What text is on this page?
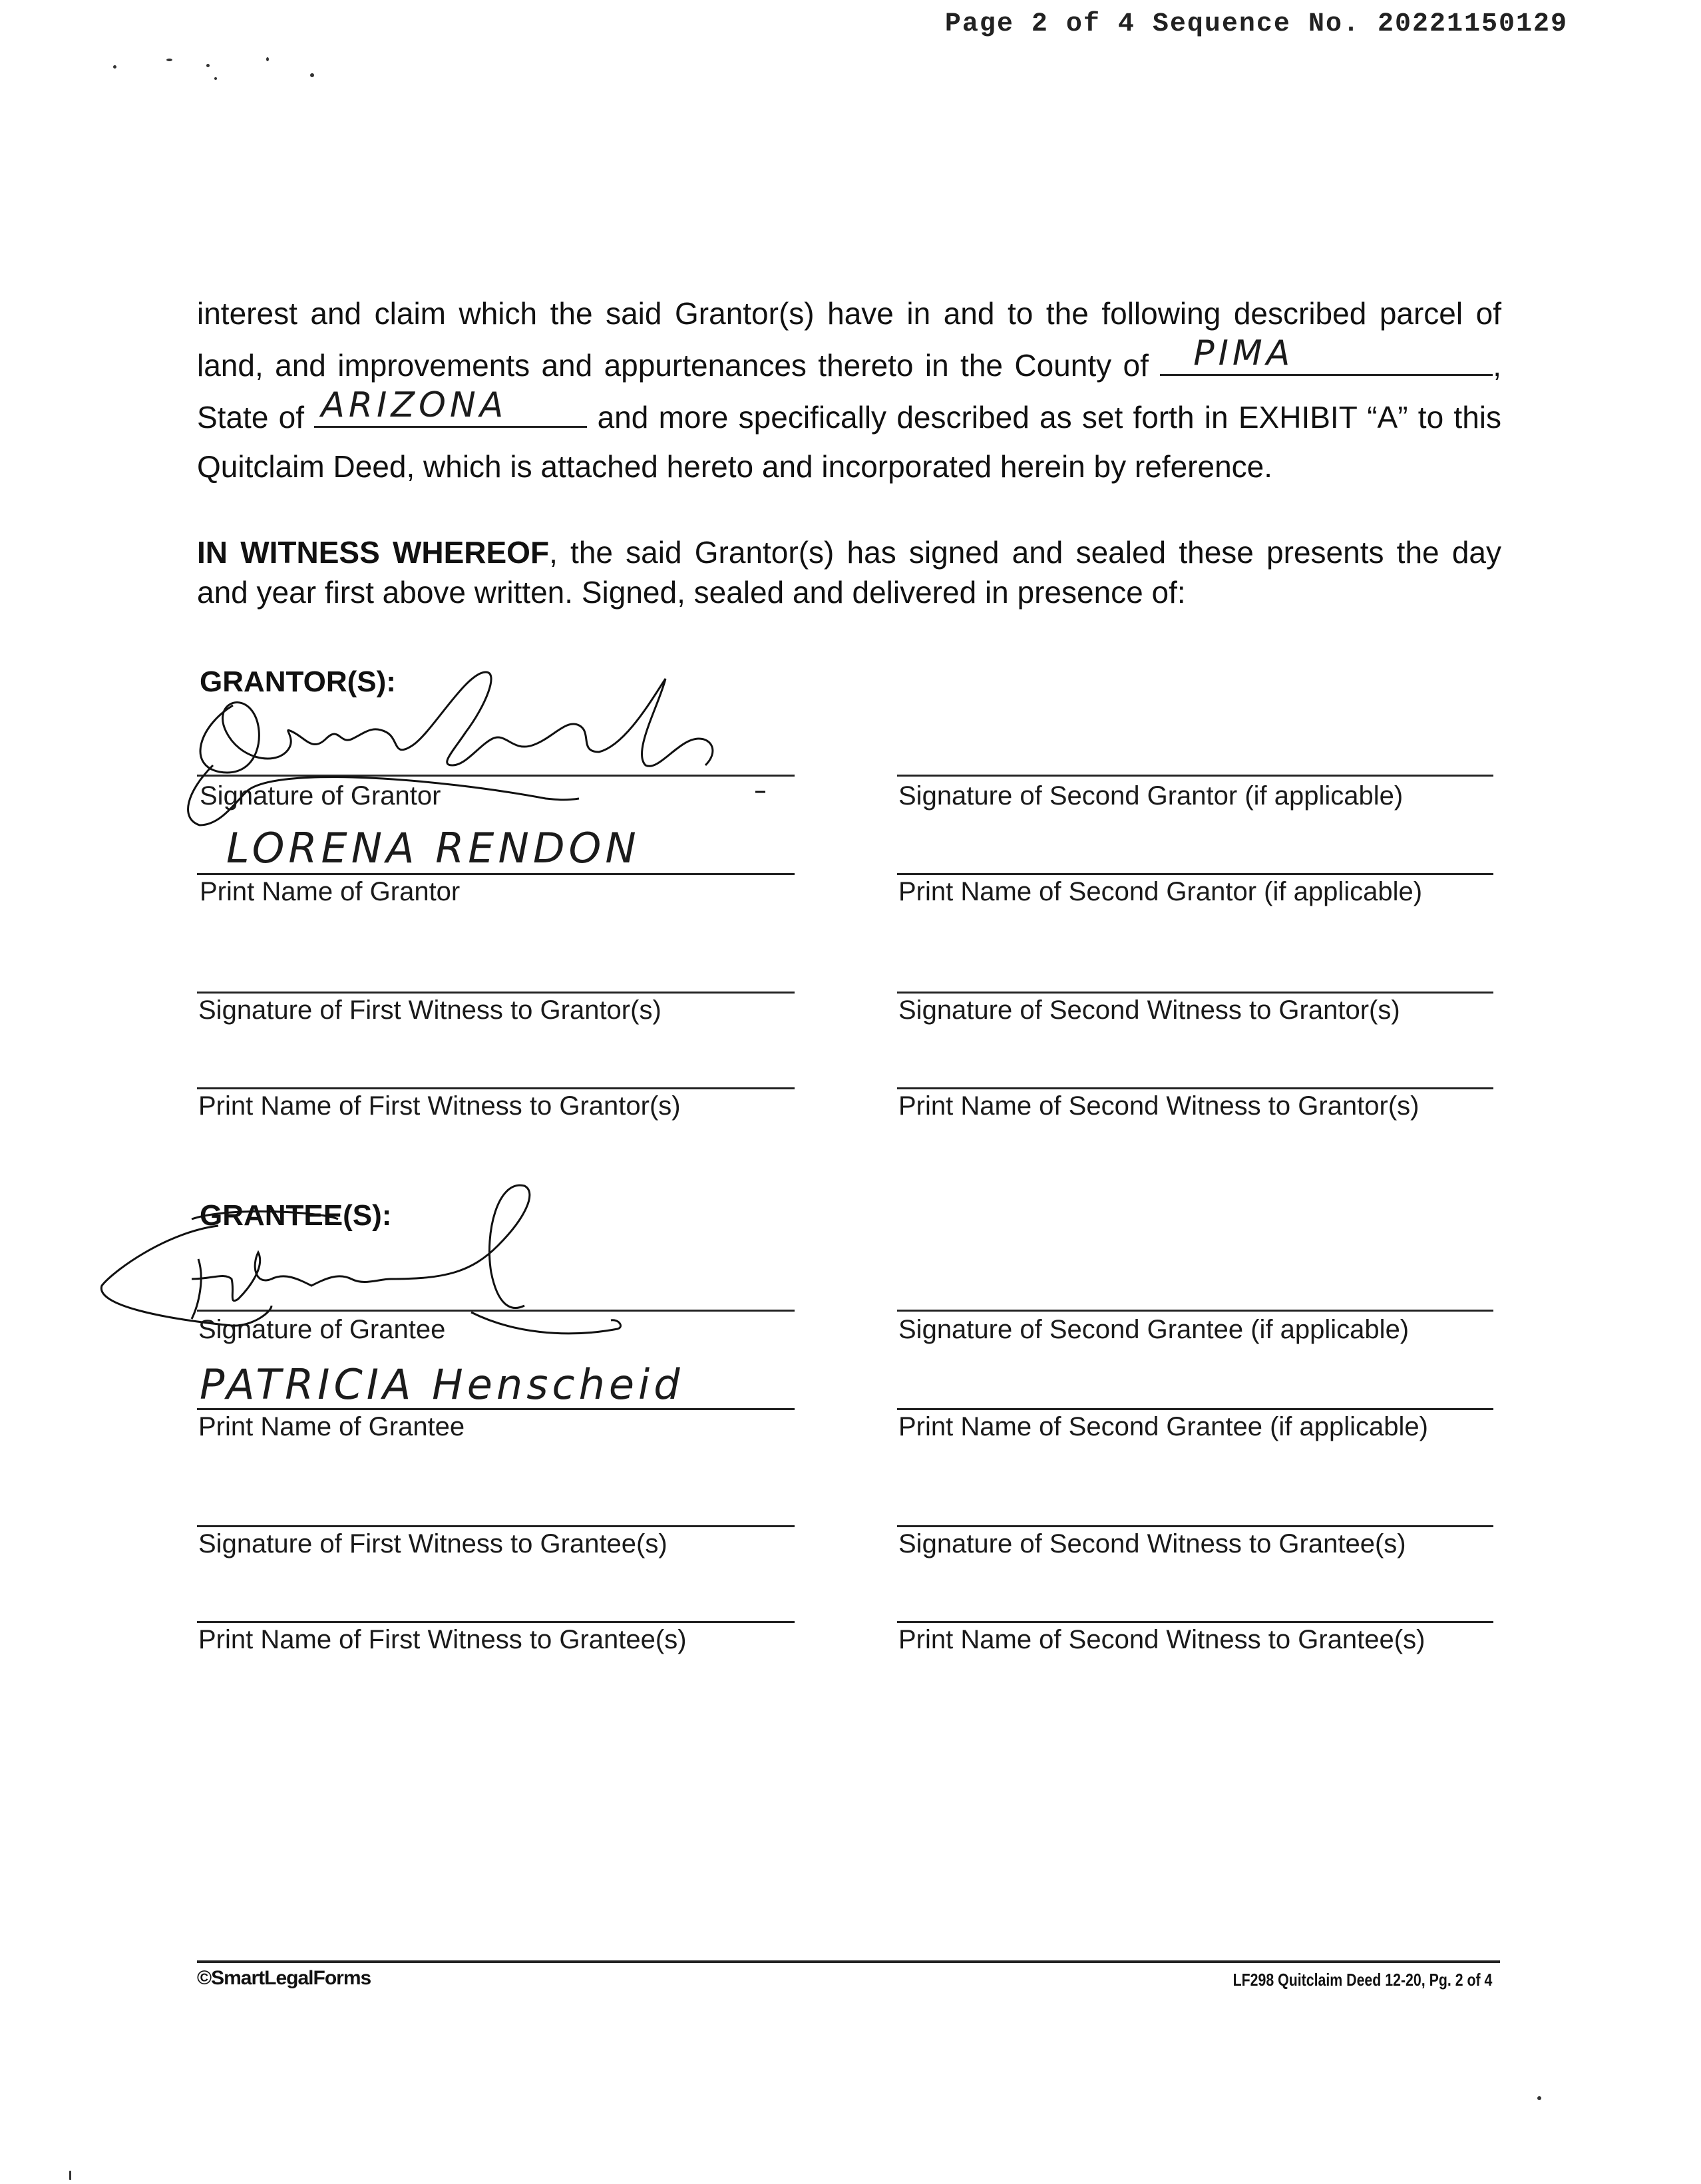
Page 2 of 4 Sequence No. 20221150129

interest and claim which the said Grantor(s) have in and to the following described parcel of land, and improvements and appurtenances thereto in the County of PIMA	, State of ARIZONA	and more specifically described as set forth in EXHIBIT “A” to this Quitclaim Deed, which is attached hereto and incorporated herein by reference.

IN WITNESS WHEREOF, the said Grantor(s) has signed and sealed these presents the day and year first above written. Signed, sealed and delivered in presence of:

GRANTOR(S):
Signature of Grantor	Signature of Second Grantor (if applicable)
LORENA RENDON
Print Name of Grantor	Print Name of Second Grantor (if applicable)
Signature of First Witness to Grantor(s)	Signature of Second Witness to Grantor(s)
Print Name of First Witness to Grantor(s)	Print Name of Second Witness to Grantor(s)
GRANTEE(S):
Signature of Grantee	Signature of Second Grantee (if applicable)
PATRICIA Henscheid
Print Name of Grantee	Print Name of Second Grantee (if applicable)
Signature of First Witness to Grantee(s)	Signature of Second Witness to Grantee(s)
Print Name of First Witness to Grantee(s)	Print Name of Second Witness to Grantee(s)
©SmartLegalForms	LF298 Quitclaim Deed 12-20, Pg. 2 of 4
